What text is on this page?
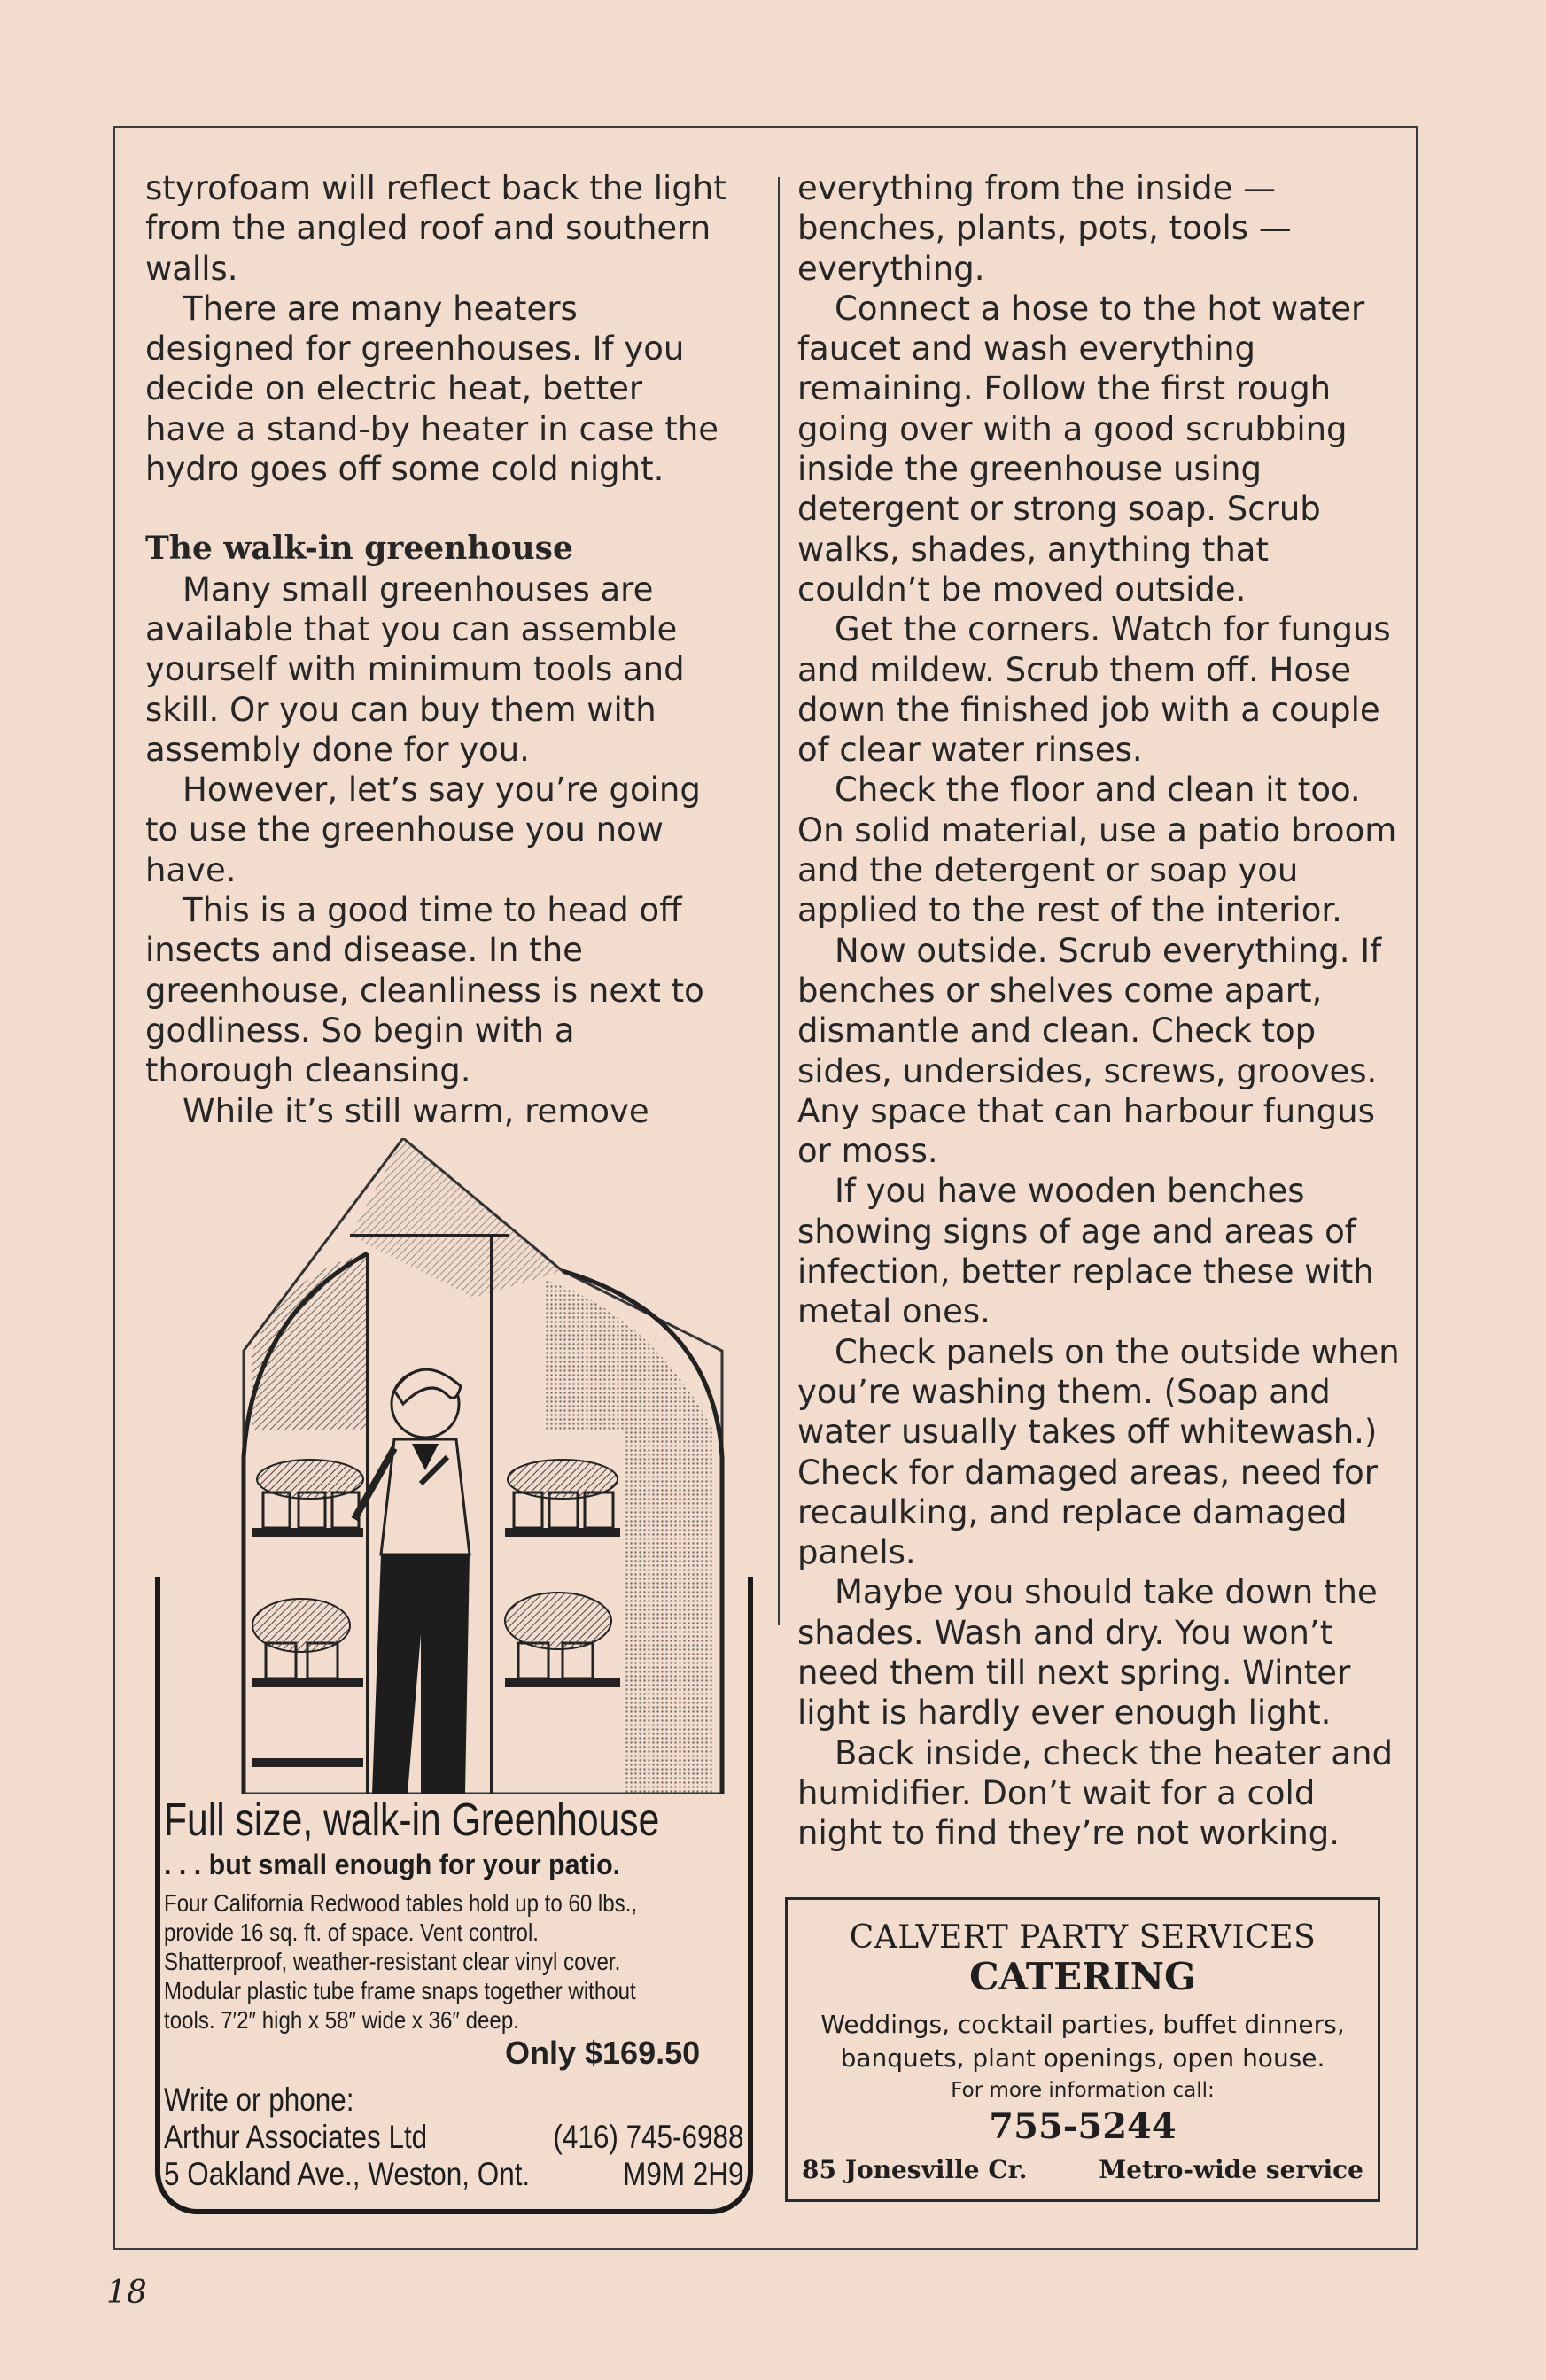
styrofoam will reflect back the light from the angled roof and southern walls.

There are many heaters designed for greenhouses. If you decide on electric heat, better have a stand-by heater in case the hydro goes off some cold night.

The walk-in greenhouse

Many small greenhouses are available that you can assemble yourself with minimum tools and skill. Or you can buy them with assembly done for you.

However, let’s say you’re going to use the greenhouse you now have.

This is a good time to head off insects and disease. In the greenhouse, cleanliness is next to godliness. So begin with a thorough cleansing.

While it’s still warm, remove

everything from the inside — benches, plants, pots, tools — everything.

Connect a hose to the hot water faucet and wash everything remaining. Follow the first rough going over with a good scrubbing inside the greenhouse using detergent or strong soap. Scrub walks, shades, anything that couldn’t be moved outside.

Get the corners. Watch for fungus and mildew. Scrub them off. Hose down the finished job with a couple of clear water rinses.

Check the floor and clean it too. On solid material, use a patio broom and the detergent or soap you applied to the rest of the interior.

Now outside. Scrub everything. If benches or shelves come apart, dismantle and clean. Check top sides, undersides, screws, grooves. Any space that can harbour fungus or moss.

If you have wooden benches showing signs of age and areas of infection, better replace these with metal ones.

Check panels on the outside when you’re washing them. (Soap and water usually takes off whitewash.) Check for damaged areas, need for recaulking, and replace damaged panels.

Maybe you should take down the shades. Wash and dry. You won’t need them till next spring. Winter light is hardly ever enough light.

Back inside, check the heater and humidifier. Don’t wait for a cold night to find they’re not working.

Full size, walk-in Greenhouse
. . . but small enough for your patio.
Four California Redwood tables hold up to 60 lbs., provide 16 sq. ft. of space. Vent control. Shatterproof, weather-resistant clear vinyl cover. Modular plastic tube frame snaps together without tools. 7′2″ high x 58″ wide x 36″ deep.
Only $169.50
Write or phone:
Arthur Associates Ltd	(416) 745-6988
5 Oakland Ave., Weston, Ont.	M9M 2H9
CALVERT PARTY SERVICES
CATERING
Weddings, cocktail parties, buffet dinners,
banquets, plant openings, open house.
For more information call:
755-5244
85 Jonesville Cr.	Metro-wide service
18
